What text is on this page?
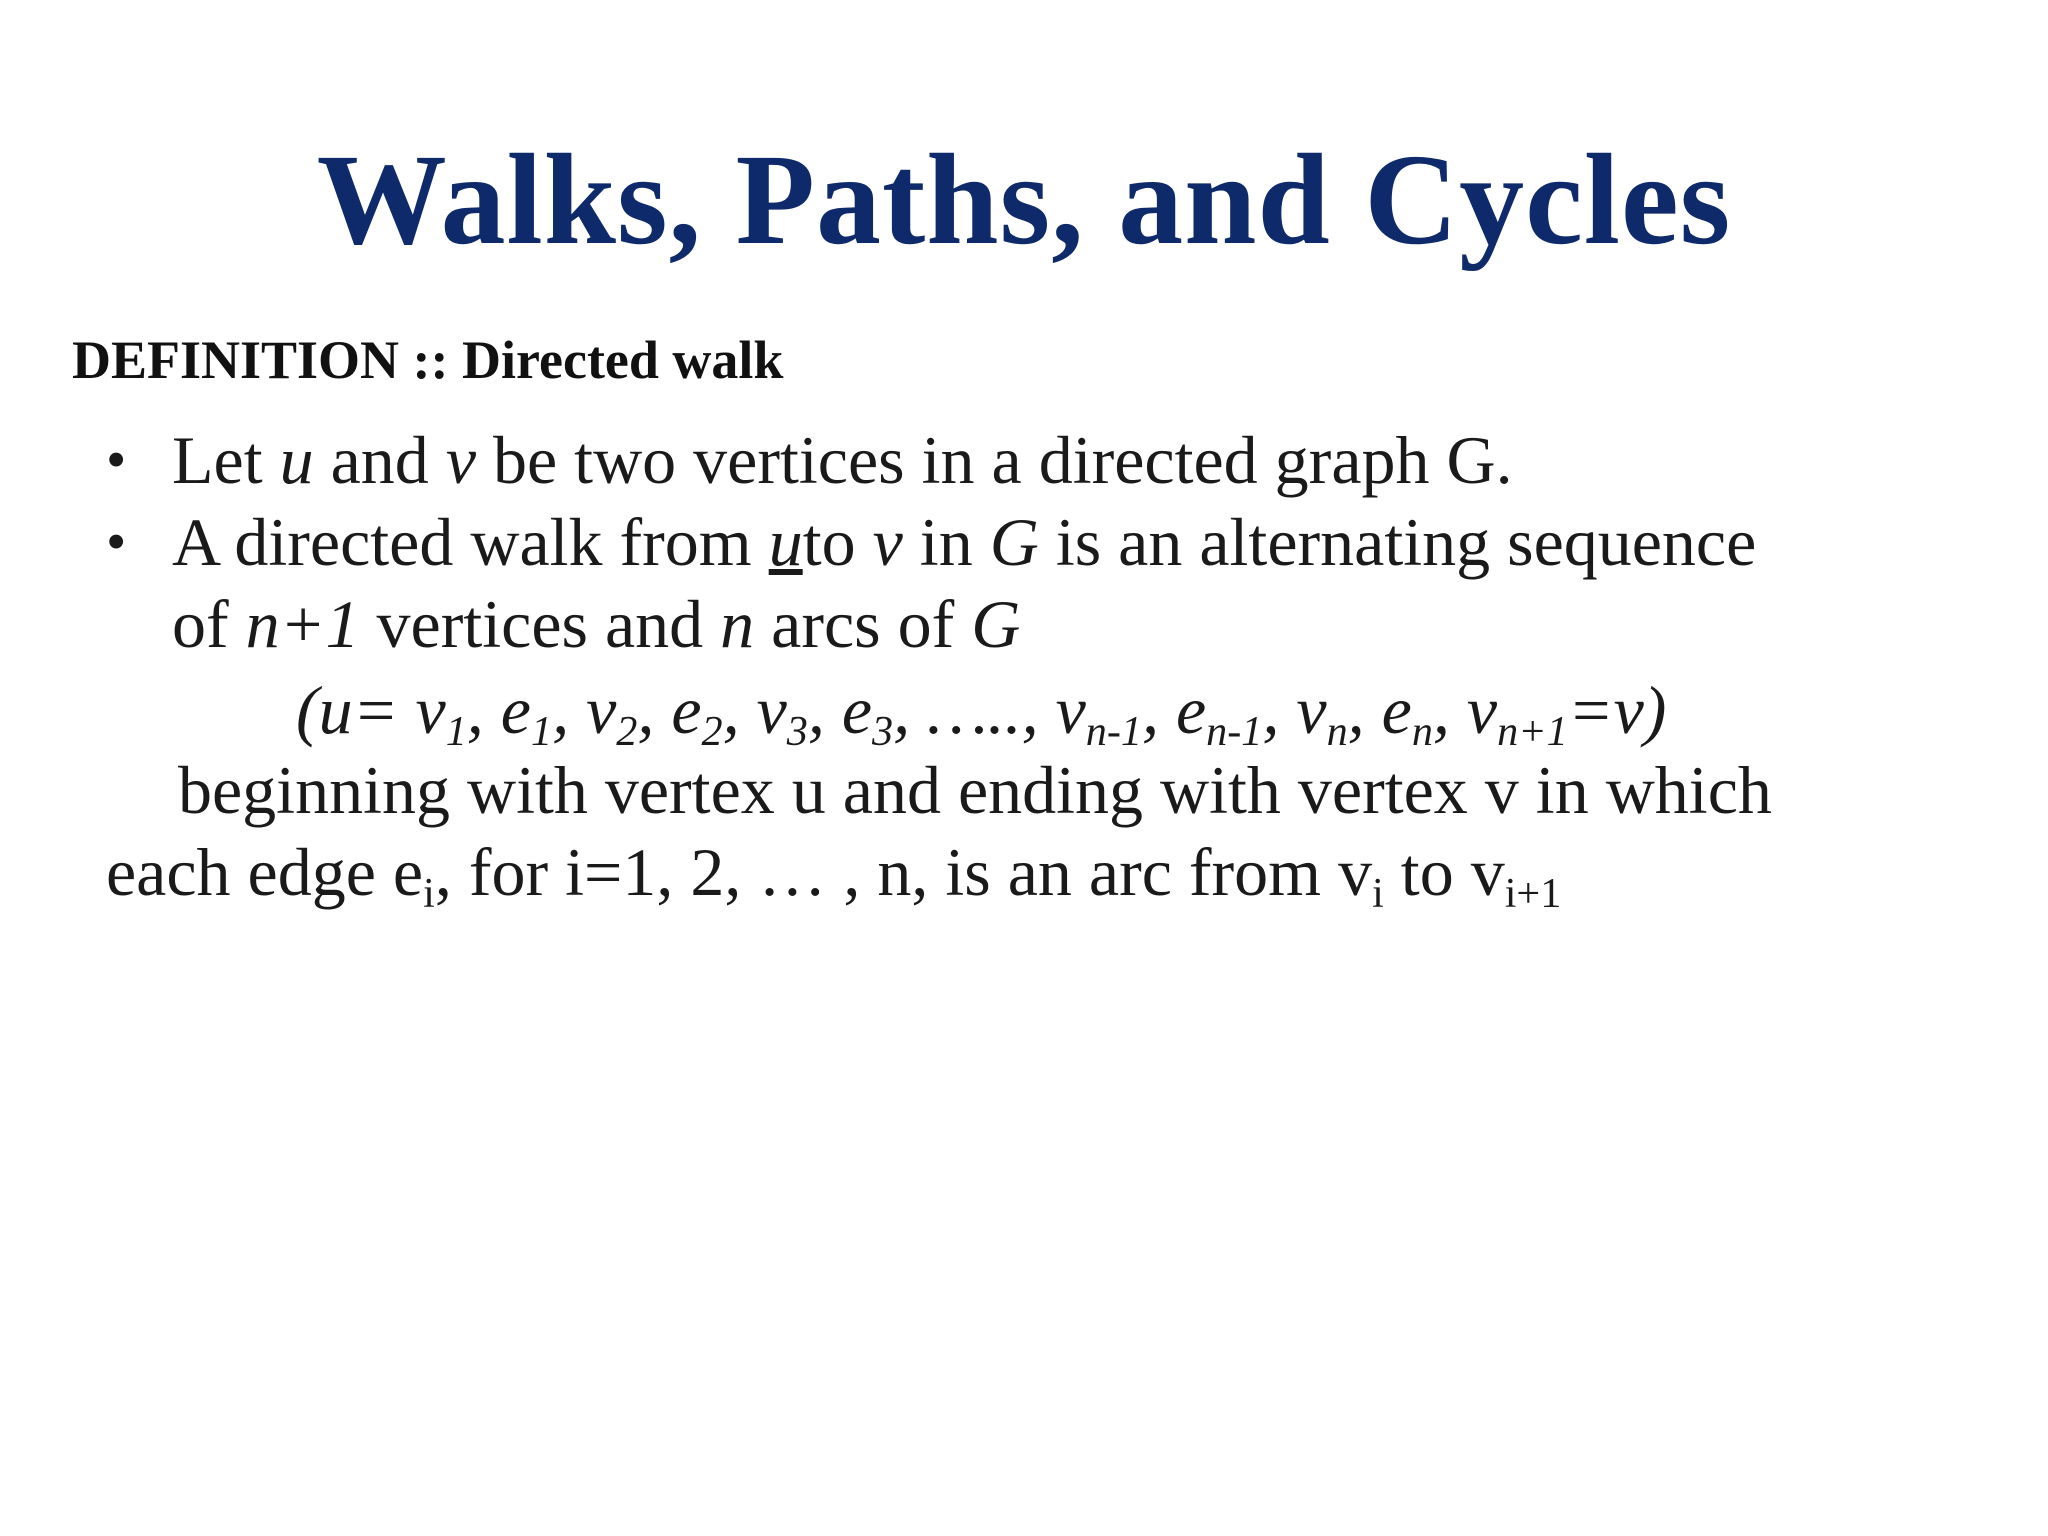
Walks, Paths, and Cycles
DEFINITION :: Directed walk
• Let u and v be two vertices in a directed graph G.
• A directed walk from uto v in G is an alternating sequence
of n+1 vertices and n arcs of G
($u= v_1$, $e_1$, $v_2$, $e_2$, $v_3$, $e_3$, ….., $v_{n-1}$, $e_{n-1}$, $v_n$, $e_n$, $v_{n+1}=v$)
beginning with vertex u and ending with vertex v in which
each edge $e_i$, for i=1, 2, … , n, is an arc from $v_i$ to $v_{i+1}$
